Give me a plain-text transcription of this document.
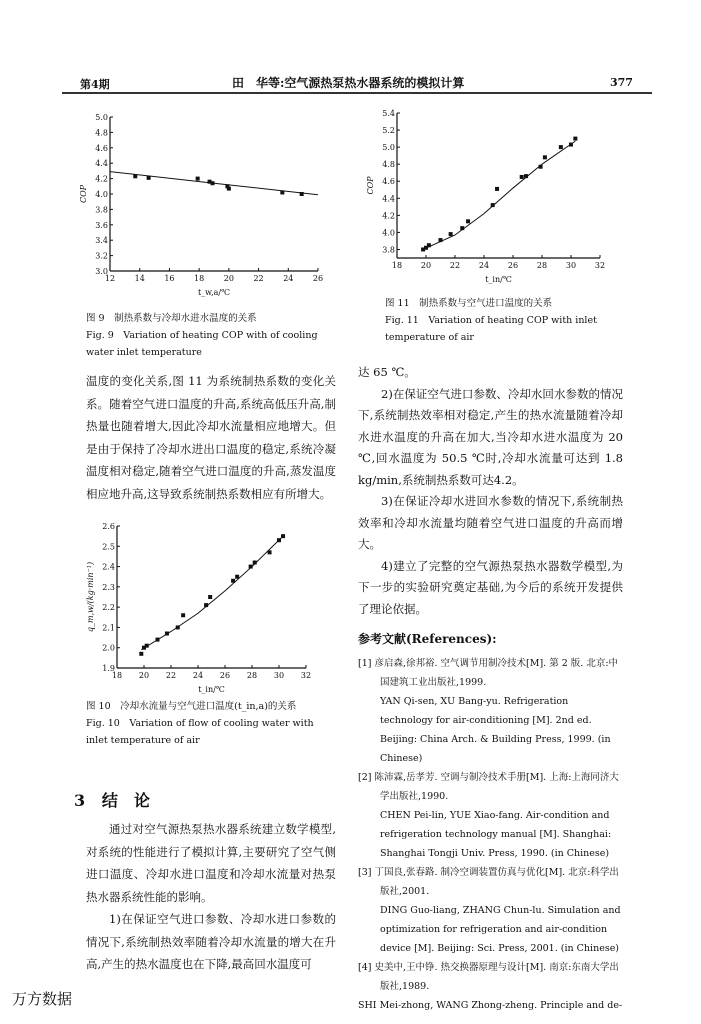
第4期	田　华等:空气源热泵热水器系统的模拟计算	377
12 14 16 18 20 22 24 26
3.0
3.2
3.4
3.6
3.8
4.0
4.2
4.4
4.6
4.8
5.0
t_w,a/℃
COP
图 9　制热系数与冷却水进水温度的关系
Fig. 9　Variation of heating COP with of cooling water inlet temperature
18 20 22 24 26 28 30 32
3.8
4.0
4.2
4.4
4.6
4.8
5.0
5.2
5.4
t_in/℃
COP
图 11　制热系数与空气进口温度的关系
Fig. 11　Variation of heating COP with inlet temperature of air
温度的变化关系,图 11 为系统制热系数的变化关系。随着空气进口温度的升高,系统高低压升高,制热量也随着增大,因此冷却水流量相应地增大。但是由于保持了冷却水进出口温度的稳定,系统冷凝温度相对稳定,随着空气进口温度的升高,蒸发温度相应地升高,这导致系统制热系数相应有所增大。
18 20 22 24 26 28 30 32
1.9
2.0
2.1
2.2
2.3
2.4
2.5
2.6
t_in/℃
q_m,w/(kg·min⁻¹)
图 10　冷却水流量与空气进口温度(t_in,a)的关系
Fig. 10　Variation of flow of cooling water with inlet temperature of air
3 结　论
通过对空气源热泵热水器系统建立数学模型,对系统的性能进行了模拟计算,主要研究了空气侧进口温度、冷却水进口温度和冷却水流量对热泵热水器系统性能的影响。
1)在保证空气进口参数、冷却水进口参数的情况下,系统制热效率随着冷却水流量的增大在升高,产生的热水温度也在下降,最高回水温度可
达 65 ℃。
2)在保证空气进口参数、冷却水回水参数的情况下,系统制热效率相对稳定,产生的热水流量随着冷却水进水温度的升高在加大,当冷却水进水温度为 20 ℃,回水温度为 50.5 ℃时,冷却水流量可达到 1.8 kg/min,系统制热系数可达4.2。
3)在保证冷却水进回水参数的情况下,系统制热效率和冷却水流量均随着空气进口温度的升高而增大。
4)建立了完整的空气源热泵热水器数学模型,为下一步的实验研究奠定基础,为今后的系统开发提供了理论依据。
参考文献(References):
[1] 彦启森,徐邦裕. 空气调节用制冷技术[M]. 第 2 版. 北京:中国建筑工业出版社,1999.
YAN Qi-sen, XU Bang-yu. Refrigeration technology for air-conditioning [M]. 2nd ed. Beijing: China Arch. & Building Press, 1999. (in Chinese)
[2] 陈沛霖,岳孝芳. 空调与制冷技术手册[M]. 上海:上海同济大学出版社,1990.
CHEN Pei-lin, YUE Xiao-fang. Air-condition and refrigeration technology manual [M]. Shanghai: Shanghai Tongji Univ. Press, 1990. (in Chinese)
[3] 丁国良,张春路. 制冷空调装置仿真与优化[M]. 北京:科学出版社,2001.
DING Guo-liang, ZHANG Chun-lu. Simulation and optimization for refrigeration and air-condition device [M]. Beijing: Sci. Press, 2001. (in Chinese)
[4] 史美中,王中铮. 热交换器原理与设计[M]. 南京:东南大学出版社,1989.
SHI Mei-zhong, WANG Zhong-zheng. Principle and de-
万方数据
